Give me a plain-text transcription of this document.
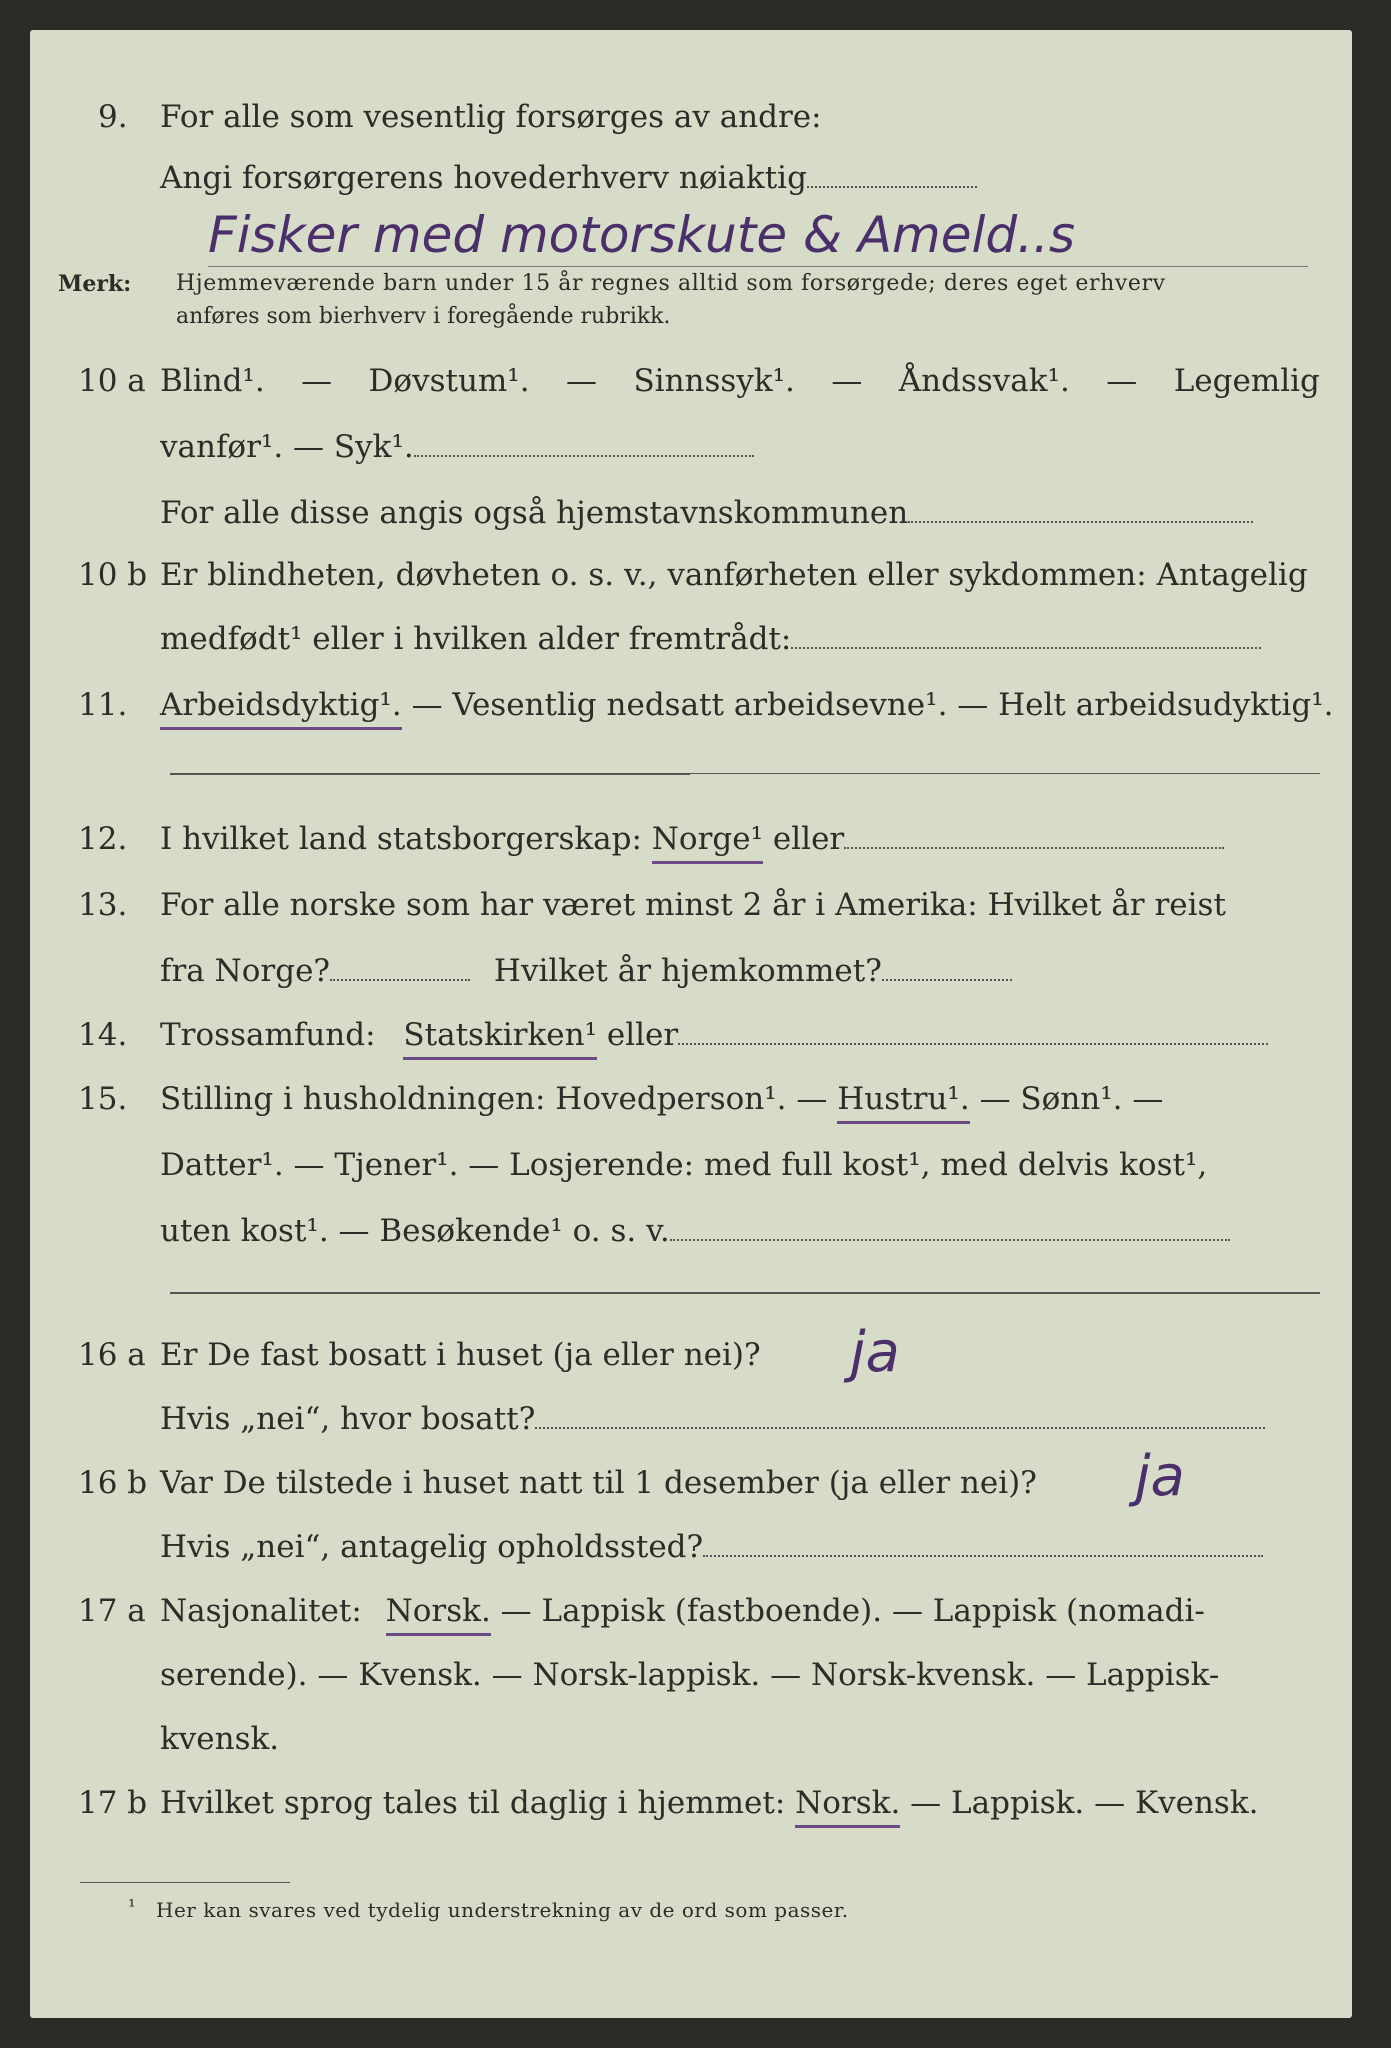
9. For alle som vesentlig forsørges av andre:
Angi forsørgerens hovederhverv nøiaktig
Fisker med motorskute & Ameld..s
Merk: Hjemmeværende barn under 15 år regnes alltid som forsørgede; deres eget erhverv
anføres som bierhverv i foregående rubrikk.
10 a Blind¹. — Døvstum¹. — Sinnssyk¹. — Åndssvak¹. — Legemlig
vanfør¹. — Syk¹.
For alle disse angis også hjemstavnskommunen
10 b Er blindheten, døvheten o. s. v., vanførheten eller sykdommen: Antagelig
medfødt¹ eller i hvilken alder fremtrådt:
11. Arbeidsdyktig¹. — Vesentlig nedsatt arbeidsevne¹. — Helt arbeidsudyktig¹.
12. I hvilket land statsborgerskap: Norge¹ eller
13. For alle norske som har været minst 2 år i Amerika: Hvilket år reist
fra Norge?	Hvilket år hjemkommet?
14. Trossamfund: Statskirken¹ eller
15. Stilling i husholdningen: Hovedperson¹. — Hustru¹. — Sønn¹. —
Datter¹. — Tjener¹. — Losjerende: med full kost¹, med delvis kost¹,
uten kost¹. — Besøkende¹ o. s. v.
16 a Er De fast bosatt i huset (ja eller nei)? ja
Hvis „nei“, hvor bosatt?
16 b Var De tilstede i huset natt til 1 desember (ja eller nei)? ja
Hvis „nei“, antagelig opholdssted?
17 a Nasjonalitet: Norsk. — Lappisk (fastboende). — Lappisk (nomadi-
serende). — Kvensk. — Norsk-lappisk. — Norsk-kvensk. — Lappisk-
kvensk.
17 b Hvilket sprog tales til daglig i hjemmet: Norsk. — Lappisk. — Kvensk.
¹ Her kan svares ved tydelig understrekning av de ord som passer.
